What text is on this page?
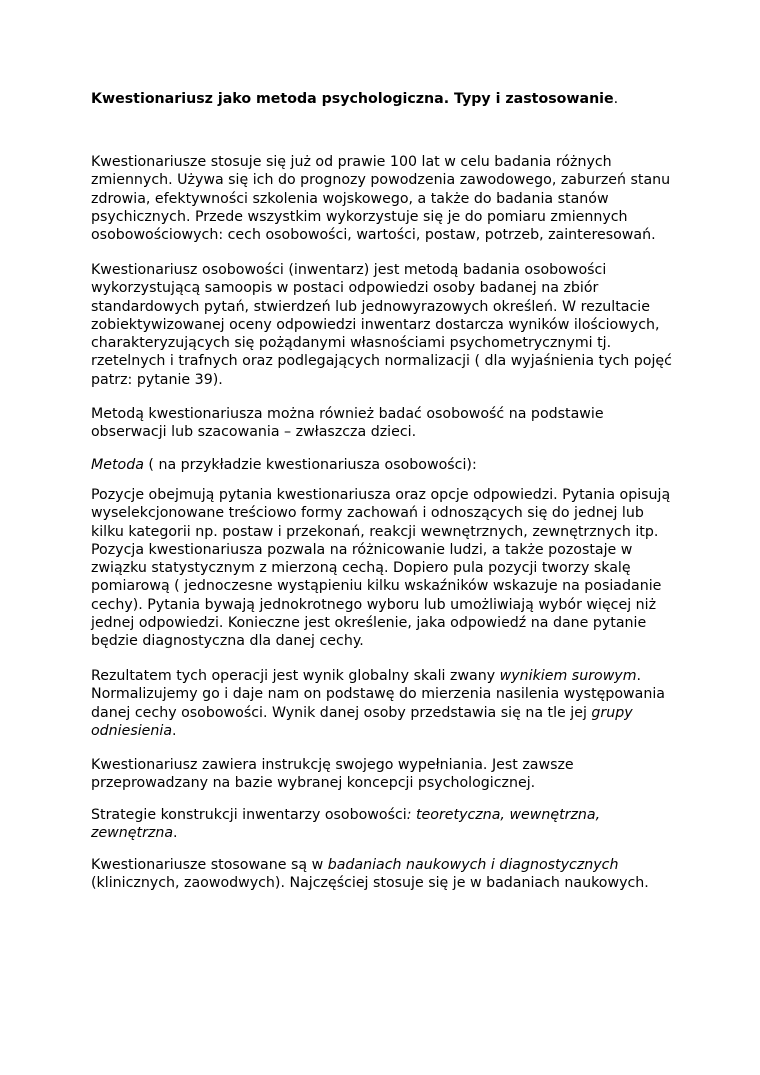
Kwestionariusz jako metoda psychologiczna. Typy i zastosowanie.
Kwestionariusze stosuje się już od prawie 100 lat w celu badania różnych
zmiennych. Używa się ich do prognozy powodzenia zawodowego, zaburzeń stanu
zdrowia, efektywności szkolenia wojskowego, a także do badania stanów
psychicznych. Przede wszystkim wykorzystuje się je do pomiaru zmiennych
osobowościowych: cech osobowości, wartości, postaw, potrzeb, zainteresowań.
Kwestionariusz osobowości (inwentarz) jest metodą badania osobowości
wykorzystującą samoopis w postaci odpowiedzi osoby badanej na zbiór
standardowych pytań, stwierdzeń lub jednowyrazowych określeń. W rezultacie
zobiektywizowanej oceny odpowiedzi inwentarz dostarcza wyników ilościowych,
charakteryzujących się pożądanymi własnościami psychometrycznymi tj.
rzetelnych i trafnych oraz podlegających normalizacji ( dla wyjaśnienia tych pojęć
patrz: pytanie 39).
Metodą kwestionariusza można również badać osobowość na podstawie
obserwacji lub szacowania – zwłaszcza dzieci.
Metoda ( na przykładzie kwestionariusza osobowości):
Pozycje obejmują pytania kwestionariusza oraz opcje odpowiedzi. Pytania opisują
wyselekcjonowane treściowo formy zachowań i odnoszących się do jednej lub
kilku kategorii np. postaw i przekonań, reakcji wewnętrznych, zewnętrznych itp.
Pozycja kwestionariusza pozwala na różnicowanie ludzi, a także pozostaje w
związku statystycznym z mierzoną cechą. Dopiero pula pozycji tworzy skalę
pomiarową ( jednoczesne wystąpieniu kilku wskaźników wskazuje na posiadanie
cechy). Pytania bywają jednokrotnego wyboru lub umożliwiają wybór więcej niż
jednej odpowiedzi. Konieczne jest określenie, jaka odpowiedź na dane pytanie
będzie diagnostyczna dla danej cechy.
Rezultatem tych operacji jest wynik globalny skali zwany wynikiem surowym.
Normalizujemy go i daje nam on podstawę do mierzenia nasilenia występowania
danej cechy osobowości. Wynik danej osoby przedstawia się na tle jej grupy
odniesienia.
Kwestionariusz zawiera instrukcję swojego wypełniania. Jest zawsze
przeprowadzany na bazie wybranej koncepcji psychologicznej.
Strategie konstrukcji inwentarzy osobowości: teoretyczna, wewnętrzna,
zewnętrzna.
Kwestionariusze stosowane są w badaniach naukowych i diagnostycznych
(klinicznych, zaowodwych). Najczęściej stosuje się je w badaniach naukowych.
